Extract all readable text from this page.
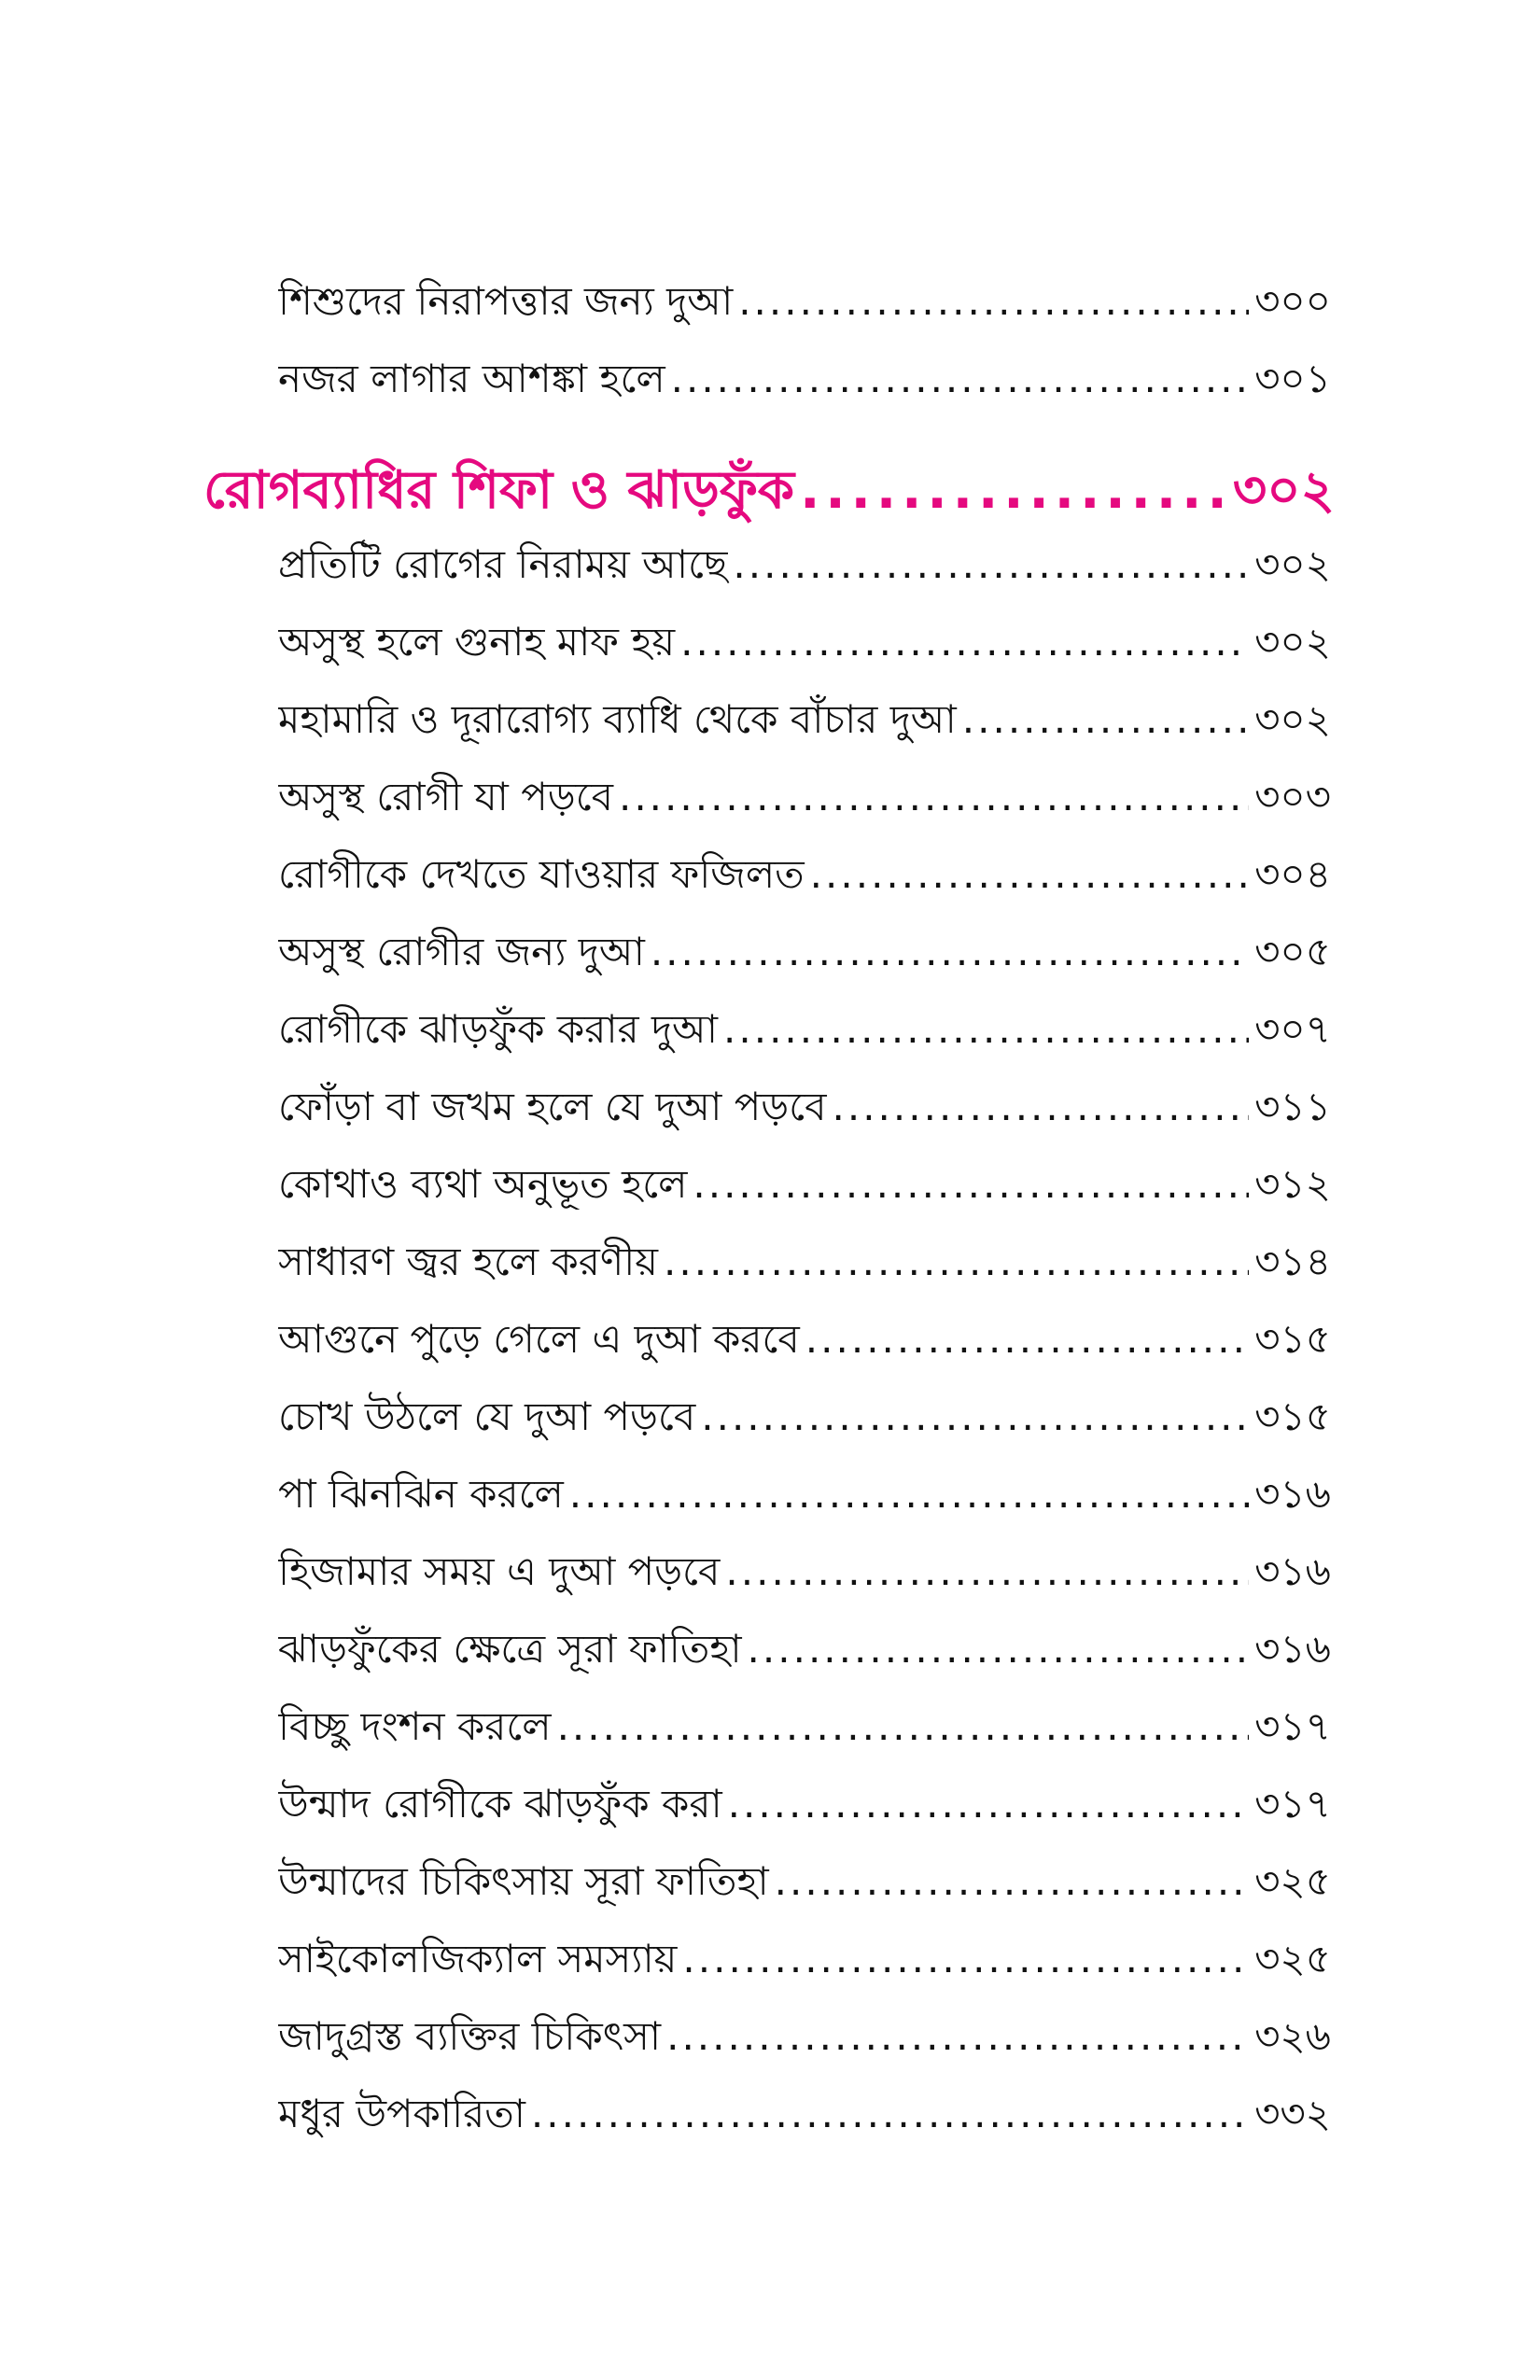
শিশুদের নিরাপত্তার জন্য দুআ .....	৩০০
নজর লাগার আশঙ্কা হলে .....	৩০১
রোগব্যাধির শিফা ও ঝাড়ফুঁক .....	৩০২
প্রতিটি রোগের নিরাময় আছে .....	৩০২
অসুস্থ হলে গুনাহ মাফ হয় .....	৩০২
মহামারি ও দূরারোগ্য ব্যাধি থেকে বাঁচার দুআ .....	৩০২
অসুস্থ রোগী যা পড়বে .....	৩০৩
রোগীকে দেখতে যাওয়ার ফজিলত .....	৩০৪
অসুস্থ রোগীর জন্য দুআ .....	৩০৫
রোগীকে ঝাড়ফুঁক করার দুআ .....	৩০৭
ফোঁড়া বা জখম হলে যে দুআ পড়বে .....	৩১১
কোথাও ব্যথা অনুভূত হলে .....	৩১২
সাধারণ জ্বর হলে করণীয় .....	৩১৪
আগুনে পুড়ে গেলে এ দুআ করবে .....	৩১৫
চোখ উঠলে যে দুআ পড়বে .....	৩১৫
পা ঝিনঝিন করলে .....	৩১৬
হিজামার সময় এ দুআ পড়বে .....	৩১৬
ঝাড়ফুঁকের ক্ষেত্রে সূরা ফাতিহা .....	৩১৬
বিচ্ছু দংশন করলে .....	৩১৭
উন্মাদ রোগীকে ঝাড়ফুঁক করা .....	৩১৭
উন্মাদের চিকিৎসায় সূরা ফাতিহা .....	৩২৫
সাইকোলজিক্যাল সমস্যায় .....	৩২৫
জাদুগ্রস্ত ব্যক্তির চিকিৎসা .....	৩২৬
মধুর উপকারিতা .....	৩৩২
